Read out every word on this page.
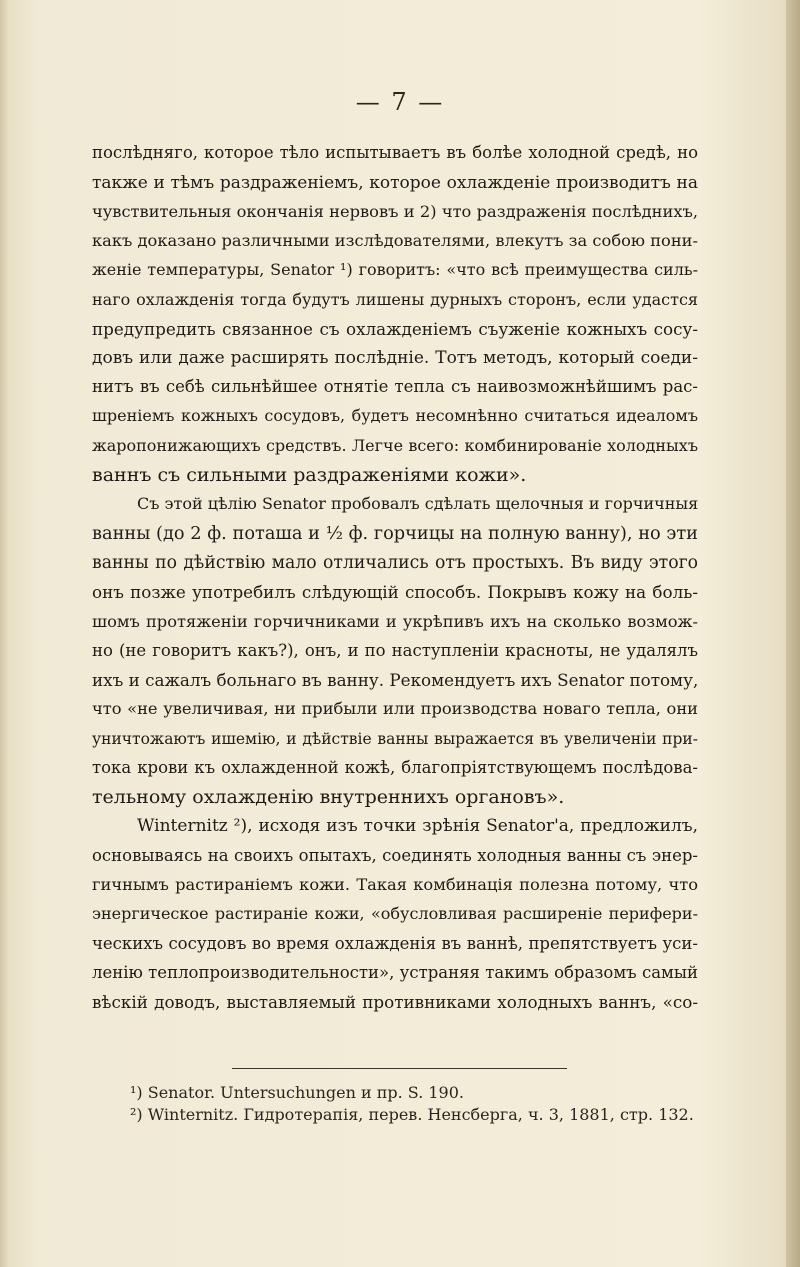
— 7 —
послѣдняго, которое тѣло испытываетъ въ болѣе холодной средѣ, но
также и тѣмъ раздраженіемъ, которое охлажденіе производитъ на
чувствительныя окончанія нервовъ и 2) что раздраженія послѣднихъ,
какъ доказано различными изслѣдователями, влекутъ за собою пони-
женіе температуры, Senator ¹) говоритъ: «что всѣ преимущества силь-
наго охлажденія тогда будутъ лишены дурныхъ сторонъ, если удастся
предупредить связанное съ охлажденіемъ съуженіе кожныхъ сосу-
довъ или даже расширять послѣдніе. Тотъ методъ, который соеди-
нитъ въ себѣ сильнѣйшее отнятіе тепла съ наивозможнѣйшимъ рас-
шреніемъ кожныхъ сосудовъ, будетъ несомнѣнно считаться идеаломъ
жаропонижающихъ средствъ. Легче всего: комбинированіе холодныхъ
ваннъ съ сильными раздраженіями кожи».
Съ этой цѣлію Senator пробовалъ сдѣлать щелочныя и горчичныя
ванны (до 2 ф. поташа и ½ ф. горчицы на полную ванну), но эти
ванны по дѣйствію мало отличались отъ простыхъ. Въ виду этого
онъ позже употребилъ слѣдующій способъ. Покрывъ кожу на боль-
шомъ протяженіи горчичниками и укрѣпивъ ихъ на сколько возмож-
но (не говоритъ какъ?), онъ, и по наступленіи красноты, не удалялъ
ихъ и сажалъ больнаго въ ванну. Рекомендуетъ ихъ Senator потому,
что «не увеличивая, ни прибыли или производства новаго тепла, они
уничтожаютъ ишемію, и дѣйствіе ванны выражается въ увеличеніи при-
тока крови къ охлажденной кожѣ, благопріятствующемъ послѣдова-
тельному охлажденію внутреннихъ органовъ».
Winternitz ²), исходя изъ точки зрѣнія Senator'а, предложилъ,
основываясь на своихъ опытахъ, соединять холодныя ванны съ энер-
гичнымъ растираніемъ кожи. Такая комбинація полезна потому, что
энергическое растираніе кожи, «обусловливая расширеніе перифери-
ческихъ сосудовъ во время охлажденія въ ваннѣ, препятствуетъ уси-
ленію теплопроизводительности», устраняя такимъ образомъ самый
вѣскій доводъ, выставляемый противниками холодныхъ ваннъ, «со-
¹) Senator. Untersuchungen и пр. S. 190.
²) Winternitz. Гидротерапія, перев. Ненсберга, ч. 3, 1881, стр. 132.
